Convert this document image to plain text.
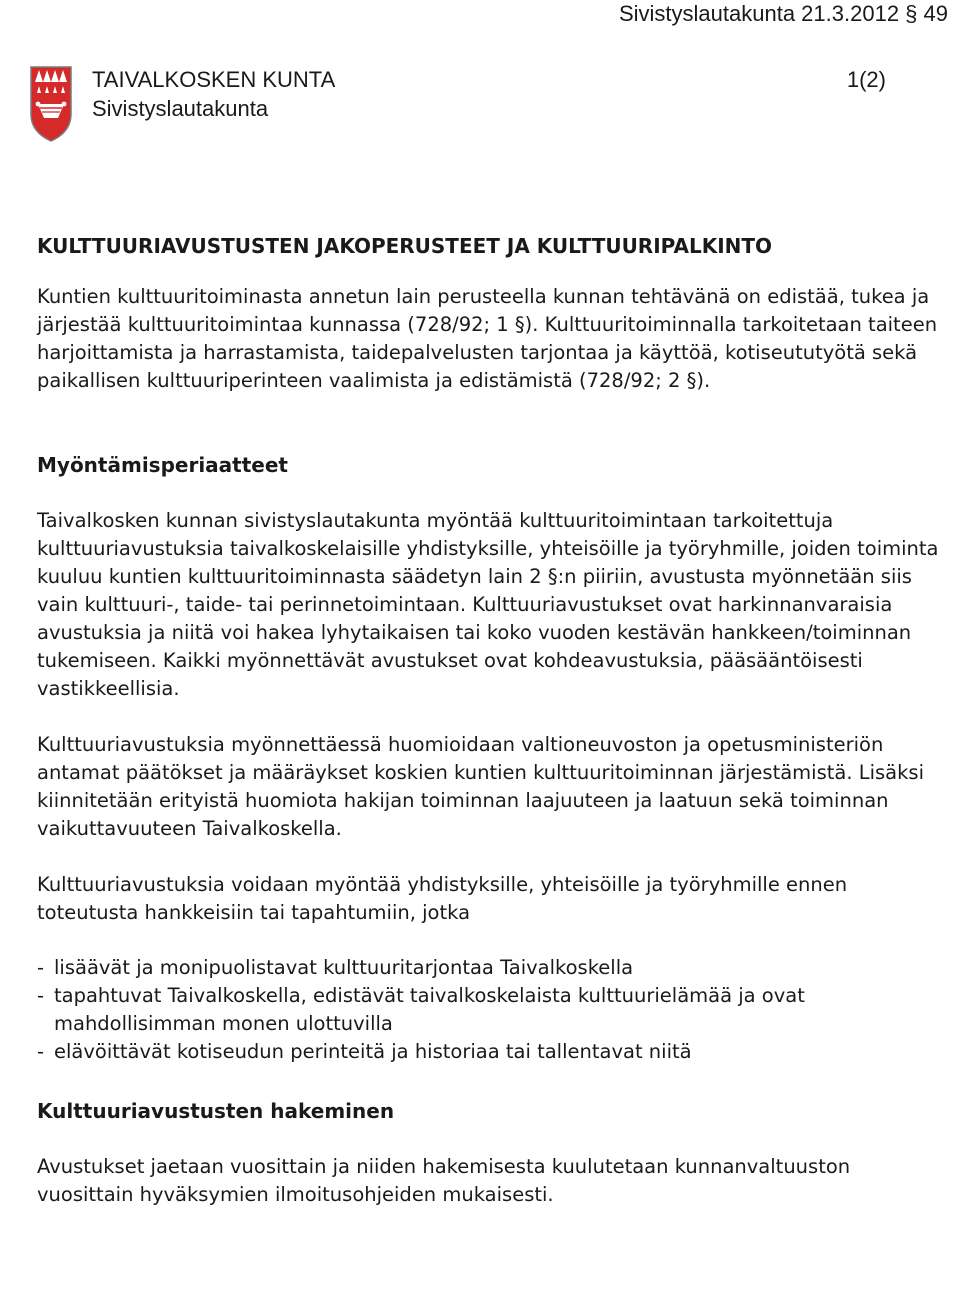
Sivistyslautakunta 21.3.2012 § 49
TAIVALKOSKEN KUNTA
Sivistyslautakunta
1(2)

KULTTUURIAVUSTUSTEN JAKOPERUSTEET JA KULTTUURIPALKINTO

Kuntien kulttuuritoiminasta annetun lain perusteella kunnan tehtävänä on edistää, tukea ja järjestää kulttuuritoimintaa kunnassa (728/92; 1 §). Kulttuuritoiminnalla tarkoitetaan taiteen harjoittamista ja harrastamista, taidepalvelusten tarjontaa ja käyttöä, kotiseututyötä sekä paikallisen kulttuuriperinteen vaalimista ja edistämistä (728/92; 2 §).

Myöntämisperiaatteet

Taivalkosken kunnan sivistyslautakunta myöntää kulttuuritoimintaan tarkoitettuja kulttuuriavustuksia taivalkoskelaisille yhdistyksille, yhteisöille ja työryhmille, joiden toiminta kuuluu kuntien kulttuuritoiminnasta säädetyn lain 2 §:n piiriin, avustusta myönnetään siis vain kulttuuri-, taide- tai perinnetoimintaan. Kulttuuriavustukset ovat harkinnanvaraisia avustuksia ja niitä voi hakea lyhytaikaisen tai koko vuoden kestävän hankkeen/toiminnan tukemiseen. Kaikki myönnettävät avustukset ovat kohdeavustuksia, pääsääntöisesti vastikkeellisia.

Kulttuuriavustuksia myönnettäessä huomioidaan valtioneuvoston ja opetusministeriön antamat päätökset ja määräykset koskien kuntien kulttuuritoiminnan järjestämistä. Lisäksi kiinnitetään erityistä huomiota hakijan toiminnan laajuuteen ja laatuun sekä toiminnan vaikuttavuuteen Taivalkoskella.

Kulttuuriavustuksia voidaan myöntää yhdistyksille, yhteisöille ja työryhmille ennen toteutusta hankkeisiin tai tapahtumiin, jotka

- lisäävät ja monipuolistavat kulttuuritarjontaa Taivalkoskella
- tapahtuvat Taivalkoskella, edistävät taivalkoskelaista kulttuurielämää ja ovat mahdollisimman monen ulottuvilla
- elävöittävät kotiseudun perinteitä ja historiaa tai tallentavat niitä

Kulttuuriavustusten hakeminen

Avustukset jaetaan vuosittain ja niiden hakemisesta kuulutetaan kunnanvaltuuston vuosittain hyväksymien ilmoitusohjeiden mukaisesti.
